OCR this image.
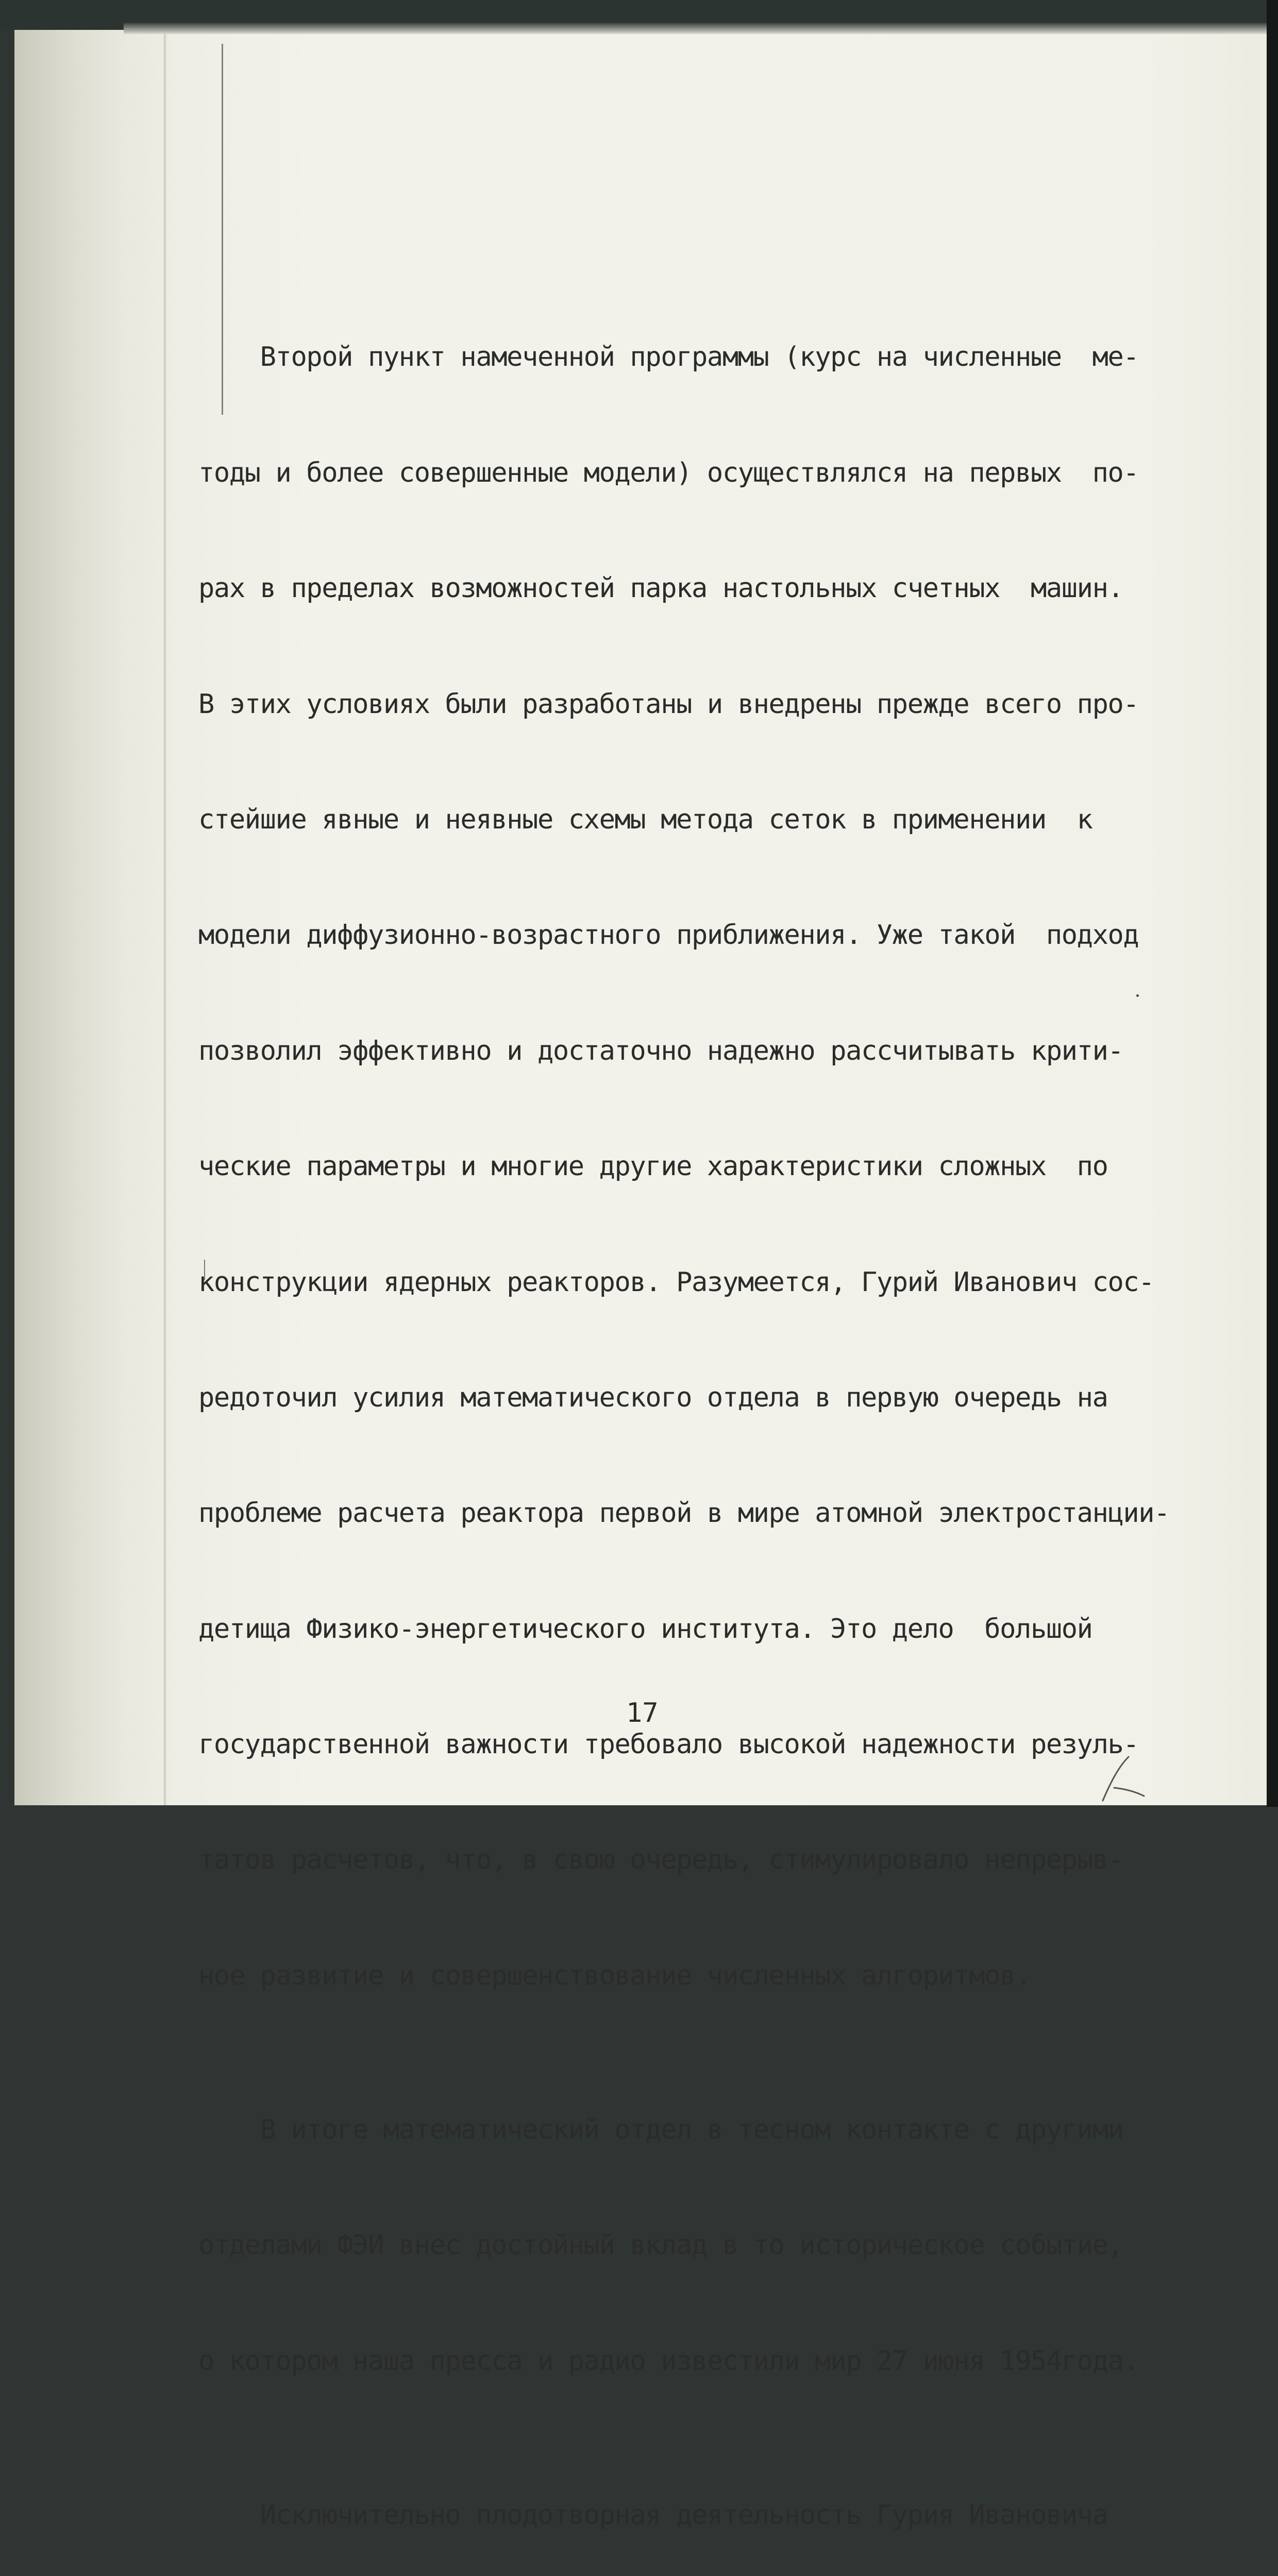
Второй пункт намеченной программы (курс на численные  ме-

тоды и более совершенные модели) осуществлялся на первых  по-

рах в пределах возможностей парка настольных счетных  машин.

В этих условиях были разработаны и внедрены прежде всего про-

стейшие явные и неявные схемы метода сеток в применении  к

модели диффузионно-возрастного приближения. Уже такой  подход

позволил эффективно и достаточно надежно рассчитывать крити-

ческие параметры и многие другие характеристики сложных  по

конструкции ядерных реакторов. Разумеется, Гурий Иванович сос-

редоточил усилия математического отдела в первую очередь на

проблеме расчета реактора первой в мире атомной электростанции-

детища Физико-энергетического института. Это дело  большой

государственной важности требовало высокой надежности резуль-

татов расчетов, что, в свою очередь, стимулировало непрерыв-

ное развитие и совершенствование численных алгоритмов.

В итоге математический отдел в тесном контакте с другими

отделами ФЭИ внес достойный вклад в то историческое событие,

о котором наша пресса и радио известили мир 27 июня 1954года.

Исключительно плодотворная деятельность Гурия Ивановича

17
